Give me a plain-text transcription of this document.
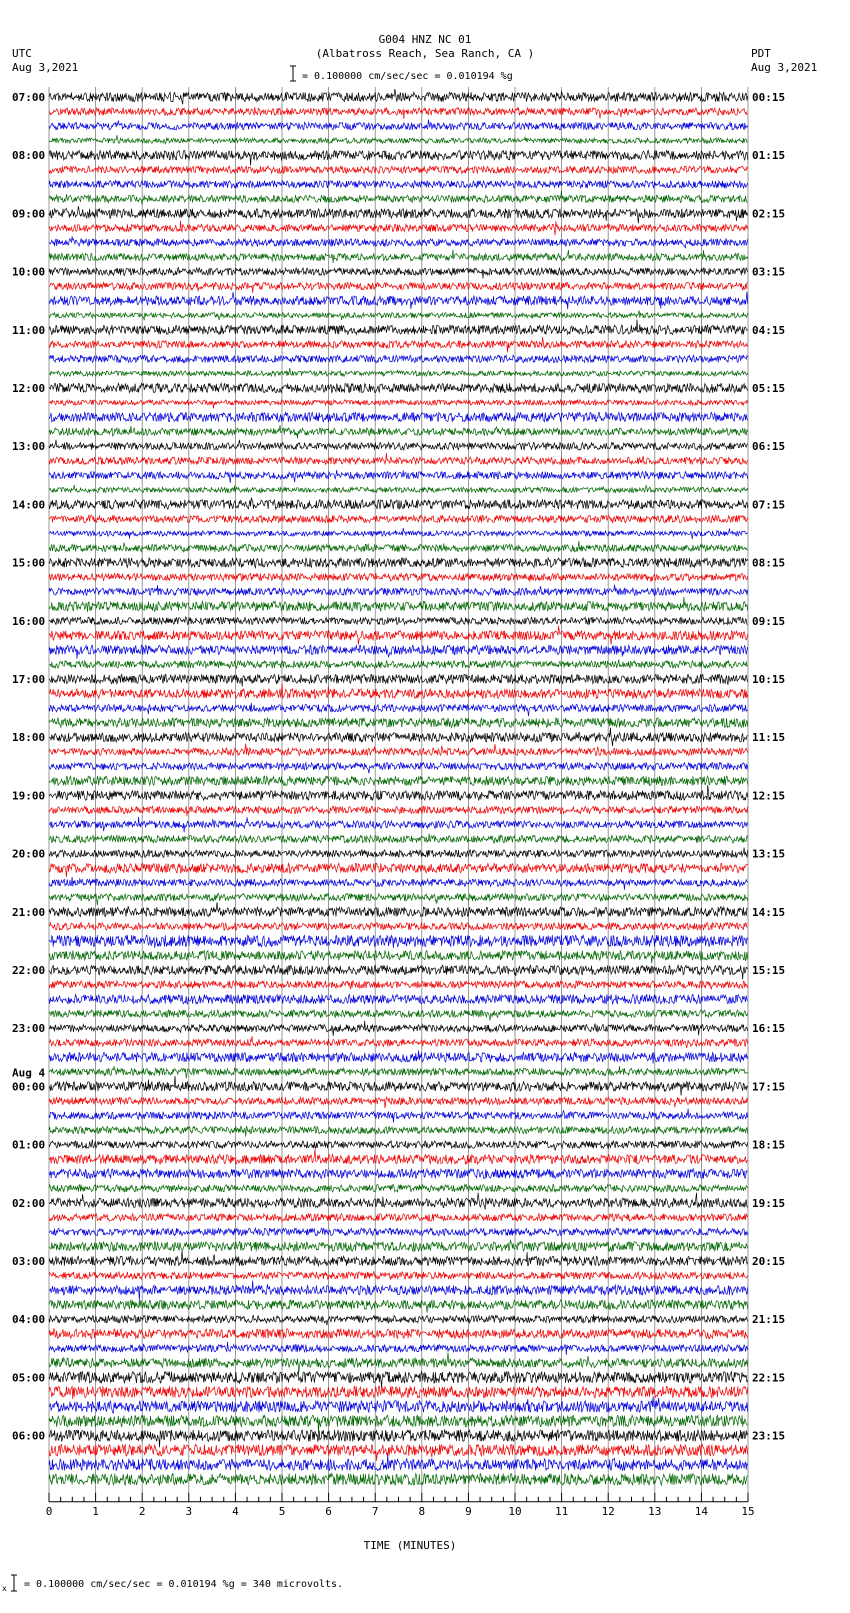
G004 HNZ NC 01
(Albatross Reach, Sea Ranch, CA )
UTC
Aug 3,2021
PDT
Aug 3,2021
= 0.100000 cm/sec/sec = 0.010194 %g
07:00	00:15
08:00	01:15
09:00	02:15
10:00	03:15
11:00	04:15
12:00	05:15
13:00	06:15
14:00	07:15
15:00	08:15
16:00	09:15
17:00	10:15
18:00	11:15
19:00	12:15
20:00	13:15
21:00	14:15
22:00	15:15
23:00	16:15
Aug 4
00:00	17:15
01:00	18:15
02:00	19:15
03:00	20:15
04:00	21:15
05:00	22:15
06:00	23:15
0	1	2	3	4	5	6	7	8	9	10	11	12	13	14	15
TIME (MINUTES)
x = 0.100000 cm/sec/sec = 0.010194 %g = 340 microvolts.
